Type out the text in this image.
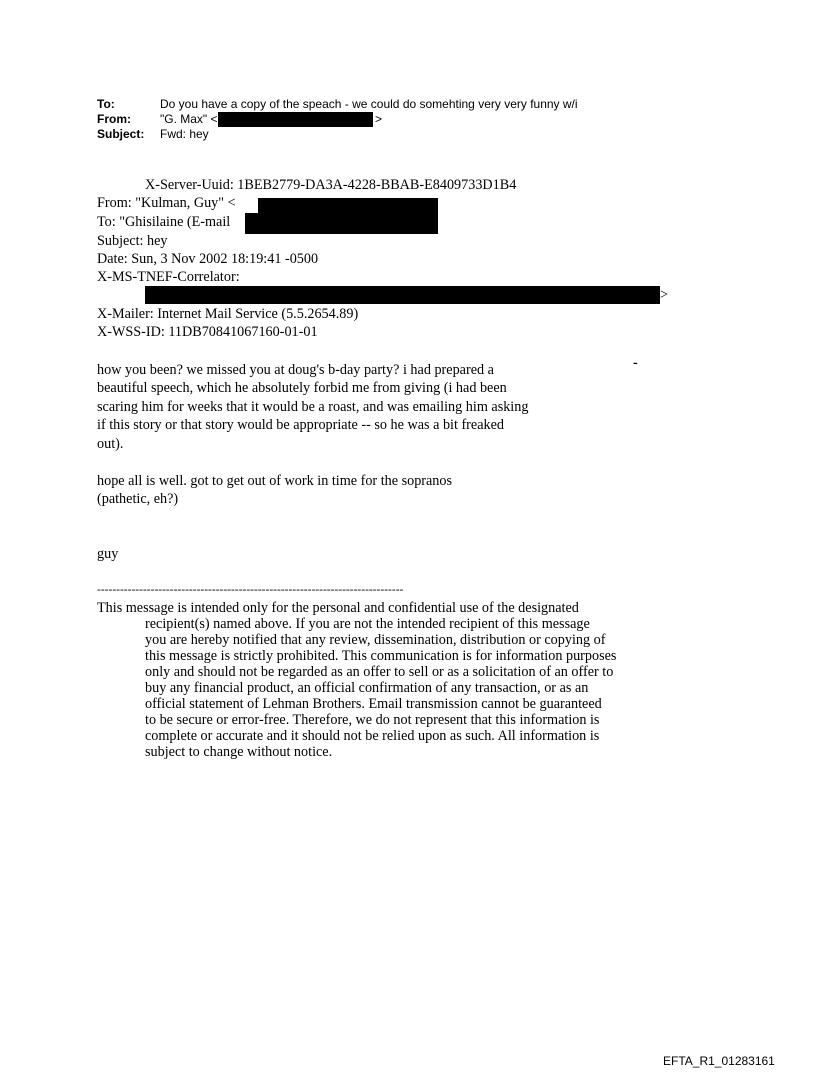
To:	Do you have a copy of the speach - we could do somehting very very funny w/i
From: "G. Max" <	>
Subject: Fwd: hey
X-Server-Uuid: 1BEB2779-DA3A-4228-BBAB-E8409733D1B4
From: "Kulman, Guy" <
To: "Ghisilaine (E-mail
Subject: hey
Date: Sun, 3 Nov 2002 18:19:41 -0500
X-MS-TNEF-Correlator:
>
X-Mailer: Internet Mail Service (5.5.2654.89)
X-WSS-ID: 11DB70841067160-01-01
how you been? we missed you at doug's b-day party? i had prepared a
beautiful speech, which he absolutely forbid me from giving (i had been
scaring him for weeks that it would be a roast, and was emailing him asking
if this story or that story would be appropriate -- so he was a bit freaked
out).
-
hope all is well. got to get out of work in time for the sopranos
(pathetic, eh?)
guy
--------------------------------------------------------------------------------
This message is intended only for the personal and confidential use of the designated
recipient(s) named above. If you are not the intended recipient of this message
you are hereby notified that any review, dissemination, distribution or copying of
this message is strictly prohibited. This communication is for information purposes
only and should not be regarded as an offer to sell or as a solicitation of an offer to
buy any financial product, an official confirmation of any transaction, or as an
official statement of Lehman Brothers. Email transmission cannot be guaranteed
to be secure or error-free. Therefore, we do not represent that this information is
complete or accurate and it should not be relied upon as such. All information is
subject to change without notice.
EFTA_R1_01283161
